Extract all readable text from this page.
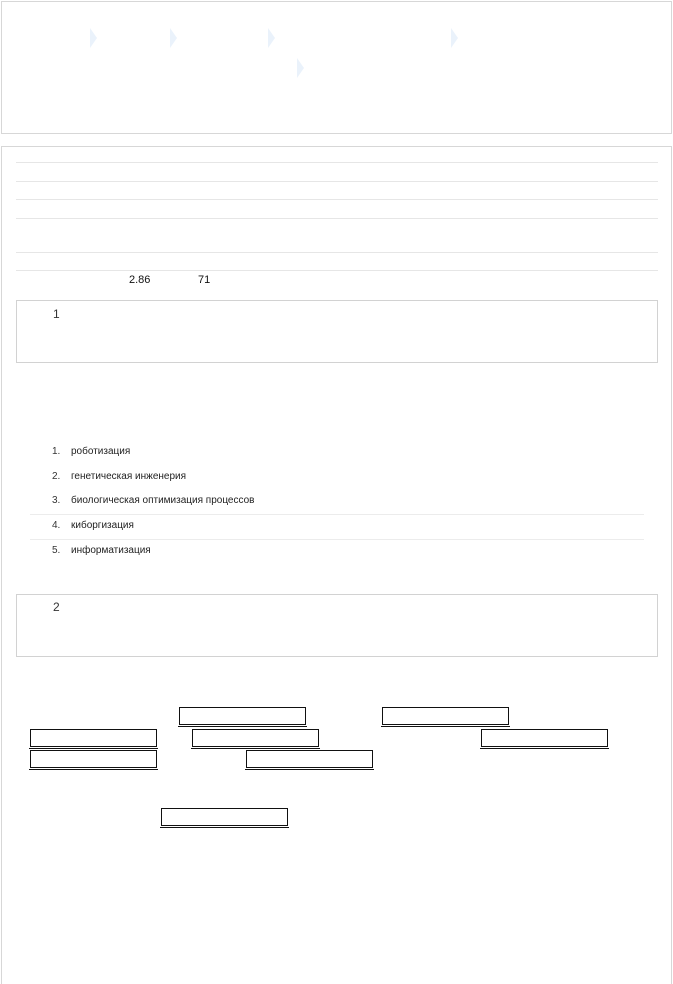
2.86	71
1
1. роботизация
2. генетическая инженерия
3. биологическая оптимизация процессов
4. киборгизация
5. информатизация
2
